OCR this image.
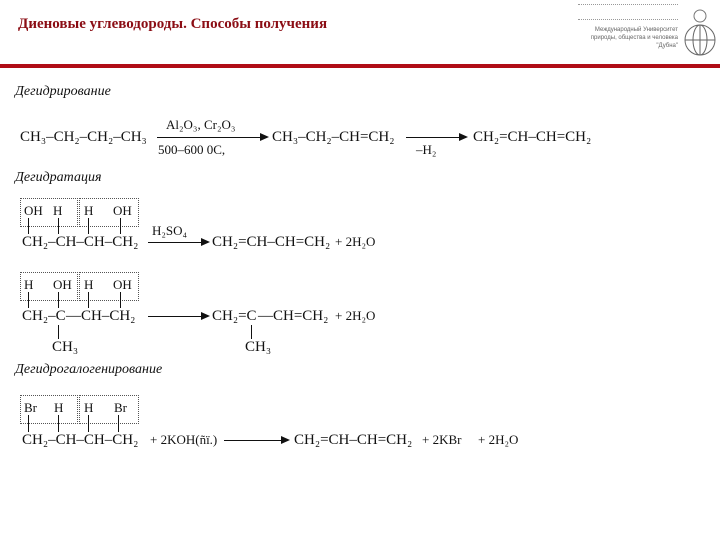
Диеновые углеводороды. Способы получения	Международный Университет
природы, общества и человека
"Дубна"
Дегидрирование
CH₃–CH₂–CH₂–CH₃
Al₂O₃, Cr₂O₃
500–600 0C,
CH₃–CH₂–CH=CH₂ →
–H₂
CH₂=CH–CH=CH₂
Дегидратация
OH H H OH
CH₂–CH–CH–CH₂
H₂SO₄
→ CH₂=CH–CH=CH₂ + 2H₂O
H OH H OH
CH₂–C —CH–CH₂
CH₃
→ CH₂=C —CH=CH₂
CH₃
+ 2H₂O
Дегидрогалогенирование
Br H H Br
CH₂–CH–CH–CH₂ + 2KOH(ñï.) → CH₂=CH–CH=CH₂ + 2KBr + 2H₂O
